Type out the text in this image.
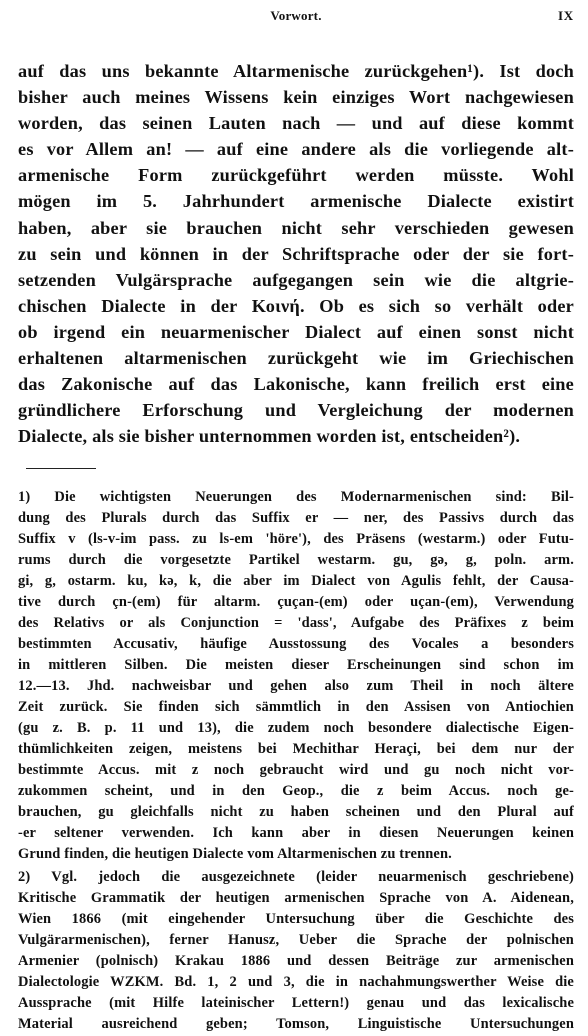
Vorwort.	IX
auf das uns bekannte Altarmenische zurückgehen¹). Ist doch
bisher auch meines Wissens kein einziges Wort nachgewiesen
worden, das seinen Lauten nach — und auf diese kommt
es vor Allem an! — auf eine andere als die vorliegende alt-
armenische Form zurückgeführt werden müsste. Wohl
mögen im 5. Jahrhundert armenische Dialecte existirt
haben, aber sie brauchen nicht sehr verschieden gewesen
zu sein und können in der Schriftsprache oder der sie fort-
setzenden Vulgärsprache aufgegangen sein wie die altgrie-
chischen Dialecte in der Κοινή. Ob es sich so verhält oder
ob irgend ein neuarmenischer Dialect auf einen sonst nicht
erhaltenen altarmenischen zurückgeht wie im Griechischen
das Zakonische auf das Lakonische, kann freilich erst eine
gründlichere Erforschung und Vergleichung der modernen
Dialecte, als sie bisher unternommen worden ist, entscheiden²).
1) Die wichtigsten Neuerungen des Modernarmenischen sind: Bil-
dung des Plurals durch das Suffix er — ner, des Passivs durch das
Suffix v (ls-v-im pass. zu ls-em 'höre'), des Präsens (westarm.) oder Futu-
rums durch die vorgesetzte Partikel westarm. gu, gə, g, poln. arm.
gi, g, ostarm. ku, kə, k, die aber im Dialect von Agulis fehlt, der Causa-
tive durch çn-(em) für altarm. çuçan-(em) oder uçan-(em), Verwendung
des Relativs or als Conjunction = 'dass', Aufgabe des Präfixes z beim
bestimmten Accusativ, häufige Ausstossung des Vocales a besonders
in mittleren Silben. Die meisten dieser Erscheinungen sind schon im
12.—13. Jhd. nachweisbar und gehen also zum Theil in noch ältere
Zeit zurück. Sie finden sich sämmtlich in den Assisen von Antiochien
(gu z. B. p. 11 und 13), die zudem noch besondere dialectische Eigen-
thümlichkeiten zeigen, meistens bei Mechithar Heraçi, bei dem nur der
bestimmte Accus. mit z noch gebraucht wird und gu noch nicht vor-
zukommen scheint, und in den Geop., die z beim Accus. noch ge-
brauchen, gu gleichfalls nicht zu haben scheinen und den Plural auf
-er seltener verwenden. Ich kann aber in diesen Neuerungen keinen
Grund finden, die heutigen Dialecte vom Altarmenischen zu trennen.
2) Vgl. jedoch die ausgezeichnete (leider neuarmenisch geschriebene)
Kritische Grammatik der heutigen armenischen Sprache von A. Aidenean,
Wien 1866 (mit eingehender Untersuchung über die Geschichte des
Vulgärarmenischen), ferner Hanusz, Ueber die Sprache der polnischen
Armenier (polnisch) Krakau 1886 und dessen Beiträge zur armenischen
Dialectologie WZKM. Bd. 1, 2 und 3, die in nachahmungswerther Weise die
Aussprache (mit Hilfe lateinischer Lettern!) genau und das lexicalische
Material ausreichend geben; Tomson, Linguistische Untersuchungen
